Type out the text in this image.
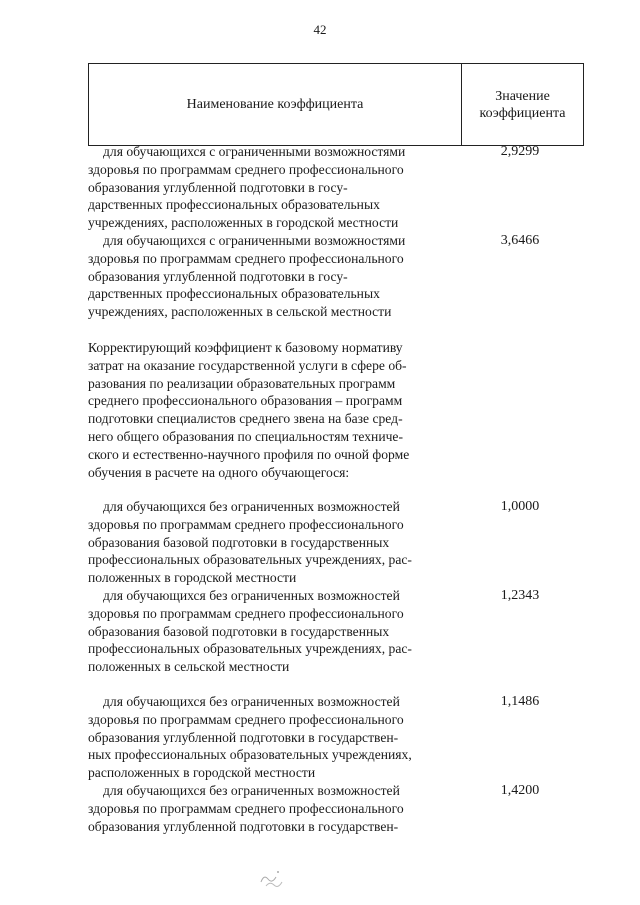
42
Наименование коэффициента
Значение
коэффициента
для обучающихся с ограниченными возможностями
здоровья по программам среднего профессионального
образования углубленной подготовки в госу-
дарственных профессиональных образовательных
учреждениях, расположенных в городской местности
2,9299
для обучающихся с ограниченными возможностями
здоровья по программам среднего профессионального
образования углубленной подготовки в госу-
дарственных профессиональных образовательных
учреждениях, расположенных в сельской местности
3,6466
Корректирующий коэффициент к базовому нормативу
затрат на оказание государственной услуги в сфере об-
разования по реализации образовательных программ
среднего профессионального образования – программ
подготовки специалистов среднего звена на базе сред-
него общего образования по специальностям техниче-
ского и естественно-научного профиля по очной форме
обучения в расчете на одного обучающегося:
для обучающихся без ограниченных возможностей
здоровья по программам среднего профессионального
образования базовой подготовки в государственных
профессиональных образовательных учреждениях, рас-
положенных в городской местности
1,0000
для обучающихся без ограниченных возможностей
здоровья по программам среднего профессионального
образования базовой подготовки в государственных
профессиональных образовательных учреждениях, рас-
положенных в сельской местности
1,2343
для обучающихся без ограниченных возможностей
здоровья по программам среднего профессионального
образования углубленной подготовки в государствен-
ных профессиональных образовательных учреждениях,
расположенных в городской местности
1,1486
для обучающихся без ограниченных возможностей
здоровья по программам среднего профессионального
образования углубленной подготовки в государствен-
1,4200
